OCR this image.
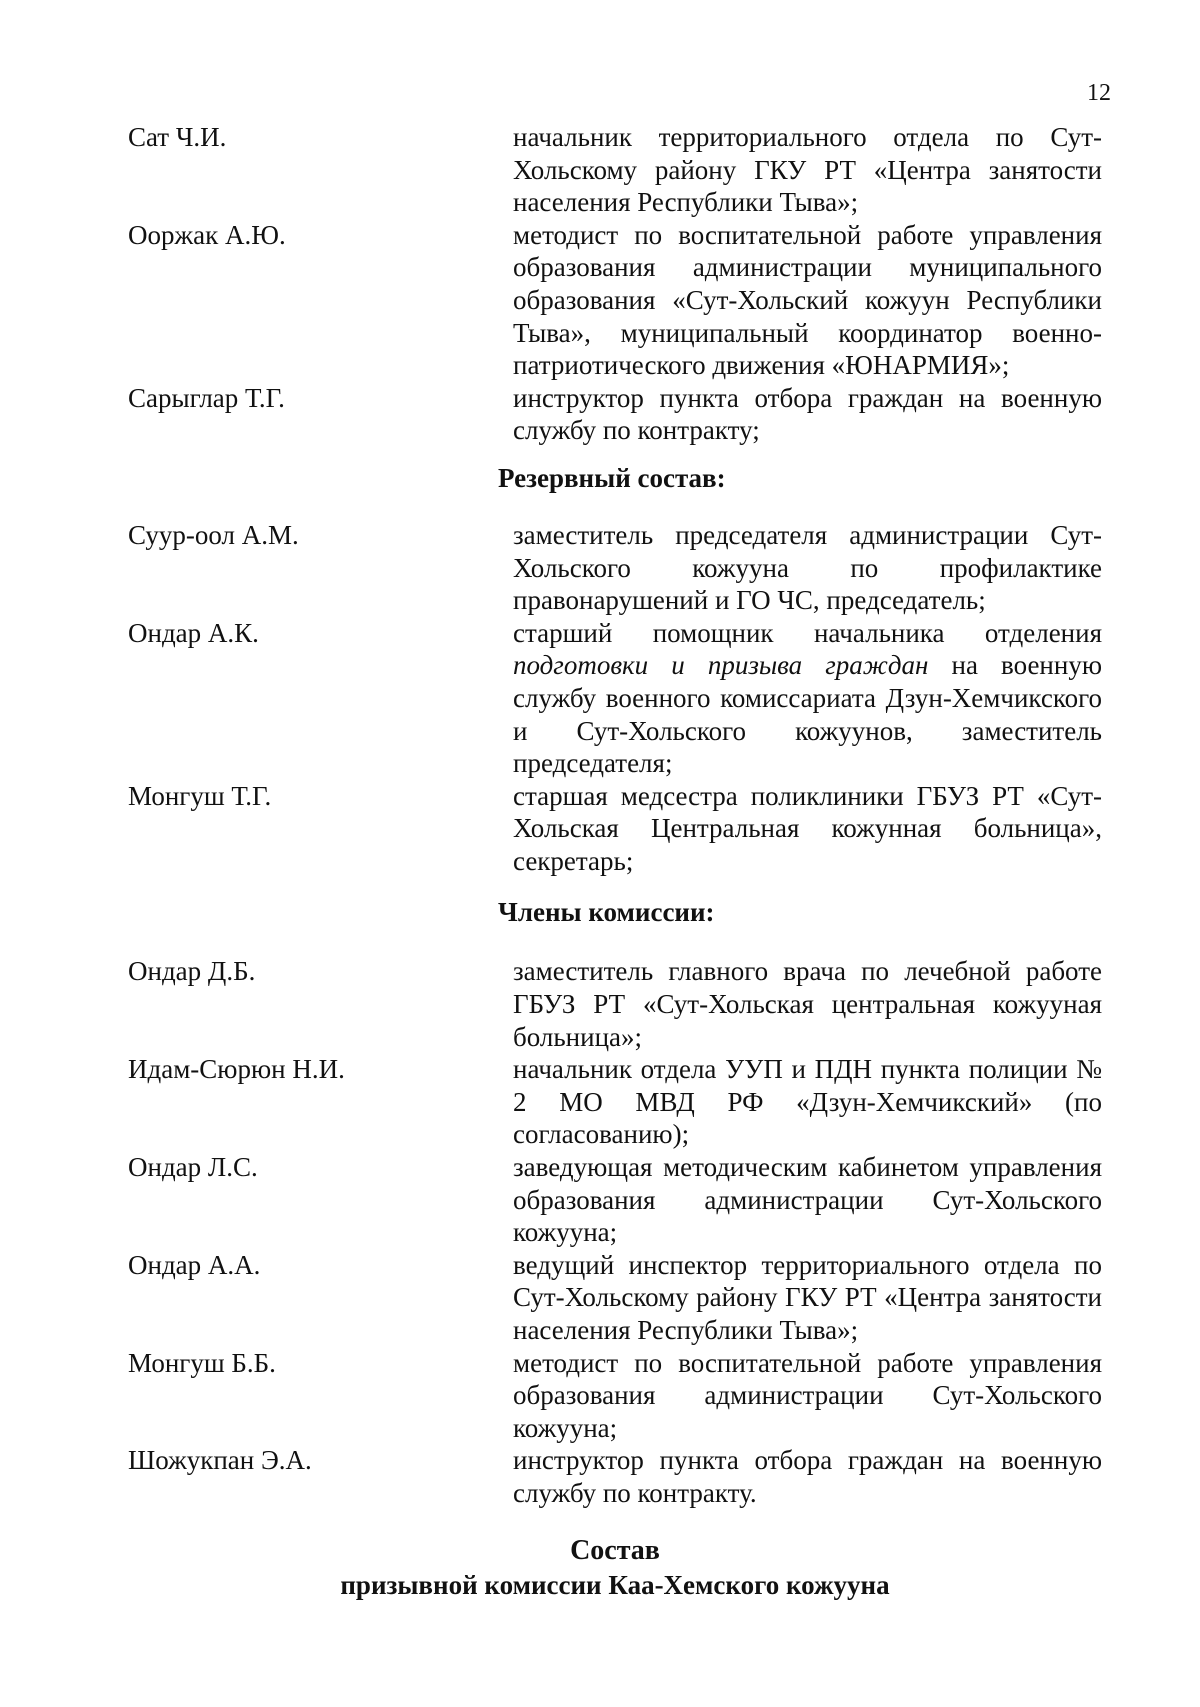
12
Сат Ч.И.	начальник территориального отдела по Сут-Хольскому району ГКУ РТ «Центра занятости населения Республики Тыва»;
Ооржак А.Ю.	методист по воспитательной работе управления образования администрации муниципального образования «Сут-Хольский кожуун Республики Тыва», муниципальный координатор военно-патриотического движения «ЮНАРМИЯ»;
Сарыглар Т.Г.	инструктор пункта отбора граждан на военную службу по контракту;
Резервный состав:
Суур-оол А.М.	заместитель председателя администрации Сут-Хольского кожууна по профилактике правонарушений и ГО ЧС, председатель;
Ондар А.К.	старший помощник начальника отделения подготовки и призыва граждан на военную службу военного комиссариата Дзун-Хемчикского и Сут-Хольского кожуунов, заместитель председателя;
Монгуш Т.Г.	старшая медсестра поликлиники ГБУЗ РТ «Сут-Хольская Центральная кожунная больница», секретарь;
Члены комиссии:
Ондар Д.Б.	заместитель главного врача по лечебной работе ГБУЗ РТ «Сут-Хольская центральная кожууная больница»;
Идам-Сюрюн Н.И.	начальник отдела УУП и ПДН пункта полиции № 2 МО МВД РФ «Дзун-Хемчикский» (по согласованию);
Ондар Л.С.	заведующая методическим кабинетом управления образования администрации Сут-Хольского кожууна;
Ондар А.А.	ведущий инспектор территориального отдела по Сут-Хольскому району ГКУ РТ «Центра занятости населения Республики Тыва»;
Монгуш Б.Б.	методист по воспитательной работе управления образования администрации Сут-Хольского кожууна;
Шожукпан Э.А.	инструктор пункта отбора граждан на военную службу по контракту.
Состав
призывной комиссии Каа-Хемского кожууна
